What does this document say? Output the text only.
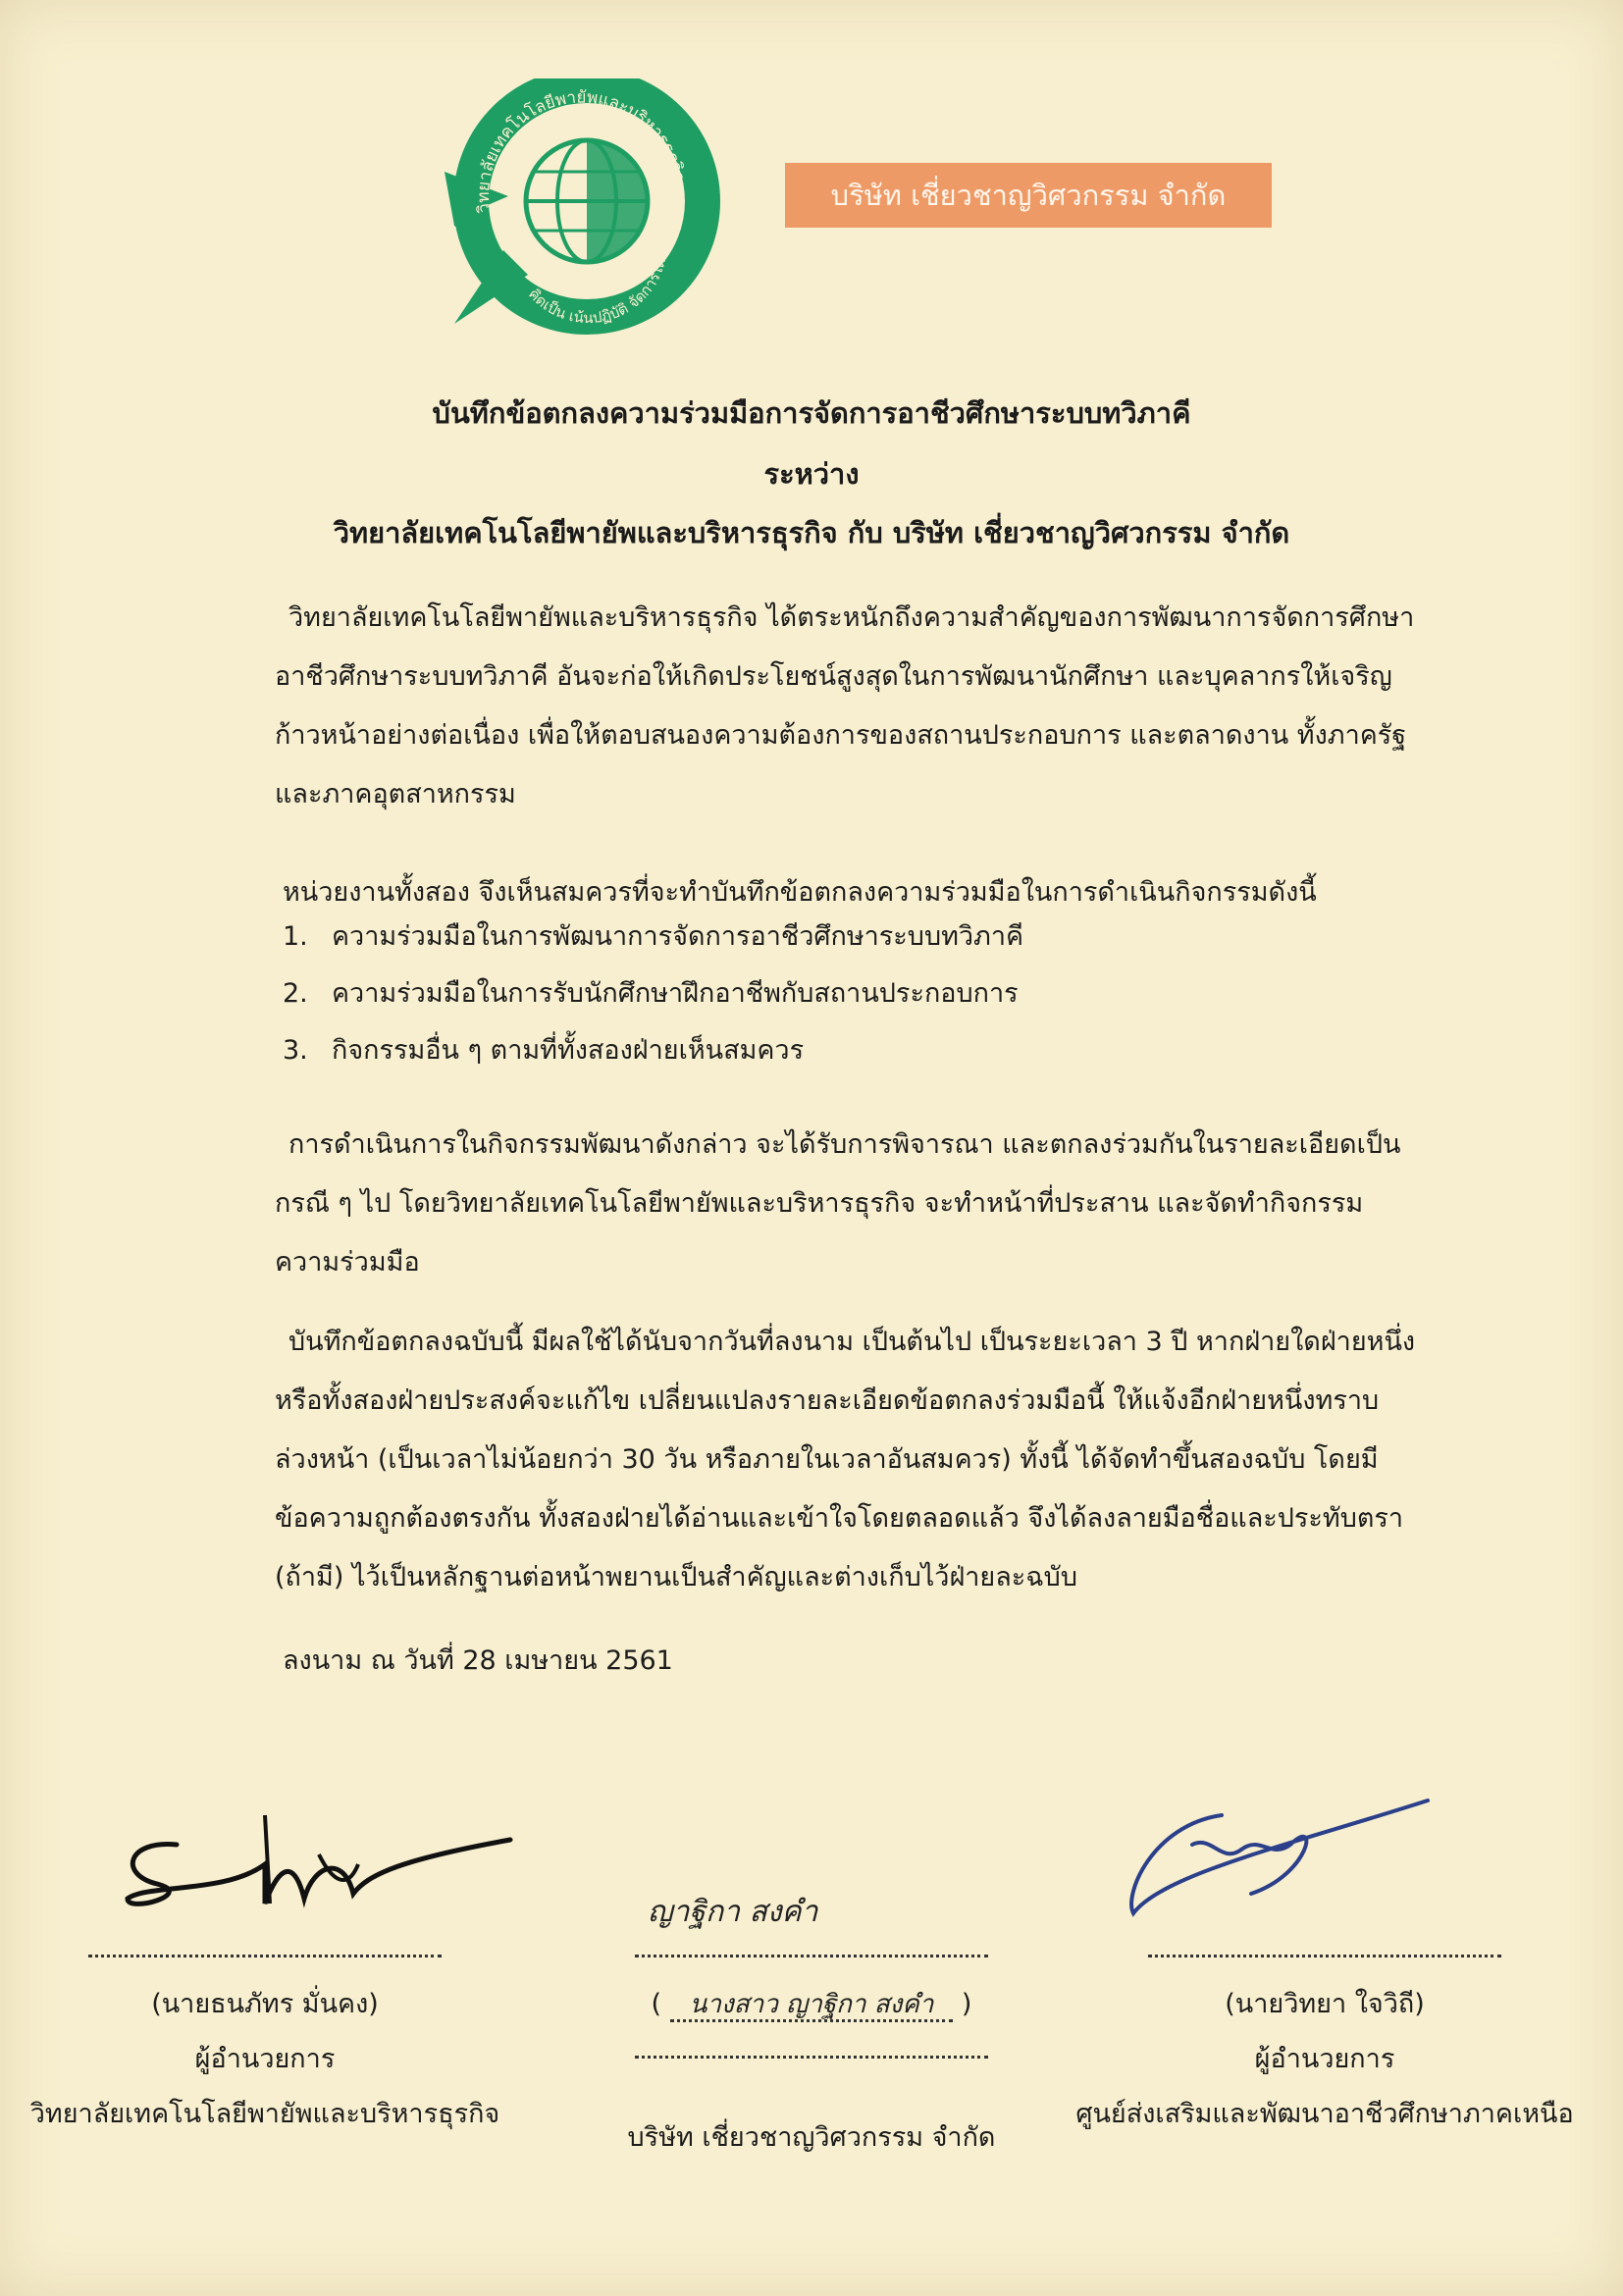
วิทยาลัยเทคโนโลยีพายัพและบริหารธุรกิจ
คิดเป็น เน้นปฏิบัติ จัดการได้
บริษัท เชี่ยวชาญวิศวกรรม จำกัด
บันทึกข้อตกลงความร่วมมือการจัดการอาชีวศึกษาระบบทวิภาคี
ระหว่าง
วิทยาลัยเทคโนโลยีพายัพและบริหารธุรกิจ กับ บริษัท เชี่ยวชาญวิศวกรรม จำกัด

วิทยาลัยเทคโนโลยีพายัพและบริหารธุรกิจ ได้ตระหนักถึงความสำคัญของการพัฒนาการจัดการศึกษาอาชีวศึกษาระบบทวิภาคี อันจะก่อให้เกิดประโยชน์สูงสุดในการพัฒนานักศึกษา และบุคลากรให้เจริญก้าวหน้าอย่างต่อเนื่อง เพื่อให้ตอบสนองความต้องการของสถานประกอบการ และตลาดงาน ทั้งภาครัฐและภาคอุตสาหกรรม

หน่วยงานทั้งสอง จึงเห็นสมควรที่จะทำบันทึกข้อตกลงความร่วมมือในการดำเนินกิจกรรมดังนี้
1. ความร่วมมือในการพัฒนาการจัดการอาชีวศึกษาระบบทวิภาคี
2. ความร่วมมือในการรับนักศึกษาฝึกอาชีพกับสถานประกอบการ
3. กิจกรรมอื่น ๆ ตามที่ทั้งสองฝ่ายเห็นสมควร

การดำเนินการในกิจกรรมพัฒนาดังกล่าว จะได้รับการพิจารณา และตกลงร่วมกันในรายละเอียดเป็นกรณี ๆ ไป โดยวิทยาลัยเทคโนโลยีพายัพและบริหารธุรกิจ จะทำหน้าที่ประสาน และจัดทำกิจกรรมความร่วมมือ

บันทึกข้อตกลงฉบับนี้ มีผลใช้ได้นับจากวันที่ลงนาม เป็นต้นไป เป็นระยะเวลา 3 ปี หากฝ่ายใดฝ่ายหนึ่ง หรือทั้งสองฝ่ายประสงค์จะแก้ไข เปลี่ยนแปลงรายละเอียดข้อตกลงร่วมมือนี้ ให้แจ้งอีกฝ่ายหนึ่งทราบล่วงหน้า (เป็นเวลาไม่น้อยกว่า 30 วัน หรือภายในเวลาอันสมควร) ทั้งนี้ ได้จัดทำขึ้นสองฉบับ โดยมีข้อความถูกต้องตรงกัน ทั้งสองฝ่ายได้อ่านและเข้าใจโดยตลอดแล้ว จึงได้ลงลายมือชื่อและประทับตรา (ถ้ามี) ไว้เป็นหลักฐานต่อหน้าพยานเป็นสำคัญและต่างเก็บไว้ฝ่ายละฉบับ

ลงนาม ณ วันที่ 28 เมษายน 2561
ญาฐิกา สงคำ
(นายธนภัทร มั่นคง)
ผู้อำนวยการ
วิทยาลัยเทคโนโลยีพายัพและบริหารธุรกิจ
( นางสาว ญาฐิกา สงคำ )
บริษัท เชี่ยวชาญวิศวกรรม จำกัด
(นายวิทยา ใจวิถี)
ผู้อำนวยการ
ศูนย์ส่งเสริมและพัฒนาอาชีวศึกษาภาคเหนือ
